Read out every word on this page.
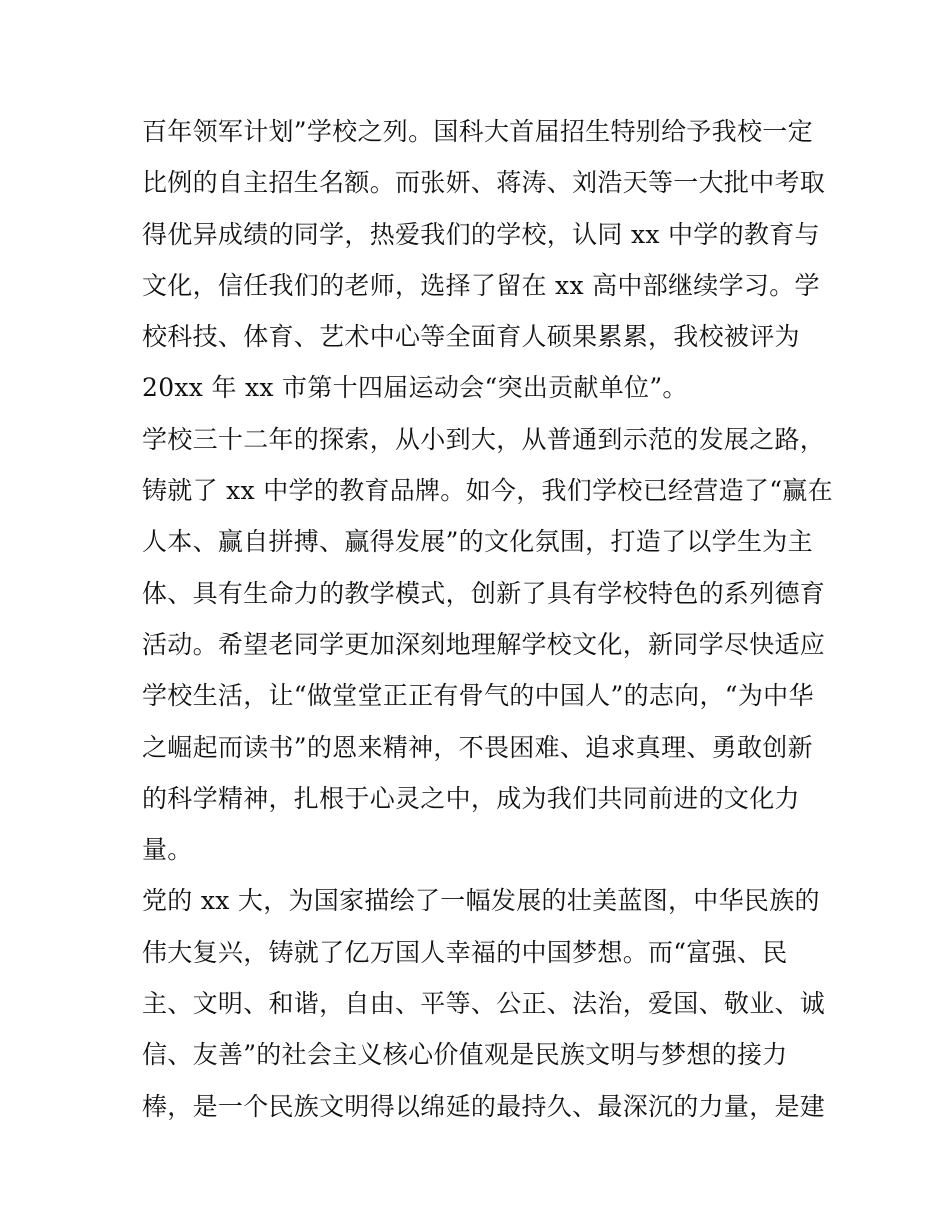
百年领军计划”学校之列。国科大首届招生特别给予我校一定
比例的自主招生名额。而张妍、蒋涛、刘浩天等一大批中考取
得优异成绩的同学，热爱我们的学校，认同 xx 中学的教育与
文化，信任我们的老师，选择了留在 xx 高中部继续学习。学
校科技、体育、艺术中心等全面育人硕果累累，我校被评为
20xx 年 xx 市第十四届运动会“突出贡献单位”。
学校三十二年的探索，从小到大，从普通到示范的发展之路，
铸就了 xx 中学的教育品牌。如今，我们学校已经营造了“赢在
人本、赢自拼搏、赢得发展”的文化氛围，打造了以学生为主
体、具有生命力的教学模式，创新了具有学校特色的系列德育
活动。希望老同学更加深刻地理解学校文化，新同学尽快适应
学校生活，让“做堂堂正正有骨气的中国人”的志向，“为中华
之崛起而读书”的恩来精神，不畏困难、追求真理、勇敢创新
的科学精神，扎根于心灵之中，成为我们共同前进的文化力
量。
党的 xx 大，为国家描绘了一幅发展的壮美蓝图，中华民族的
伟大复兴，铸就了亿万国人幸福的中国梦想。而“富强、民
主、文明、和谐，自由、平等、公正、法治，爱国、敬业、诚
信、友善”的社会主义核心价值观是民族文明与梦想的接力
棒，是一个民族文明得以绵延的最持久、最深沉的力量，是建
